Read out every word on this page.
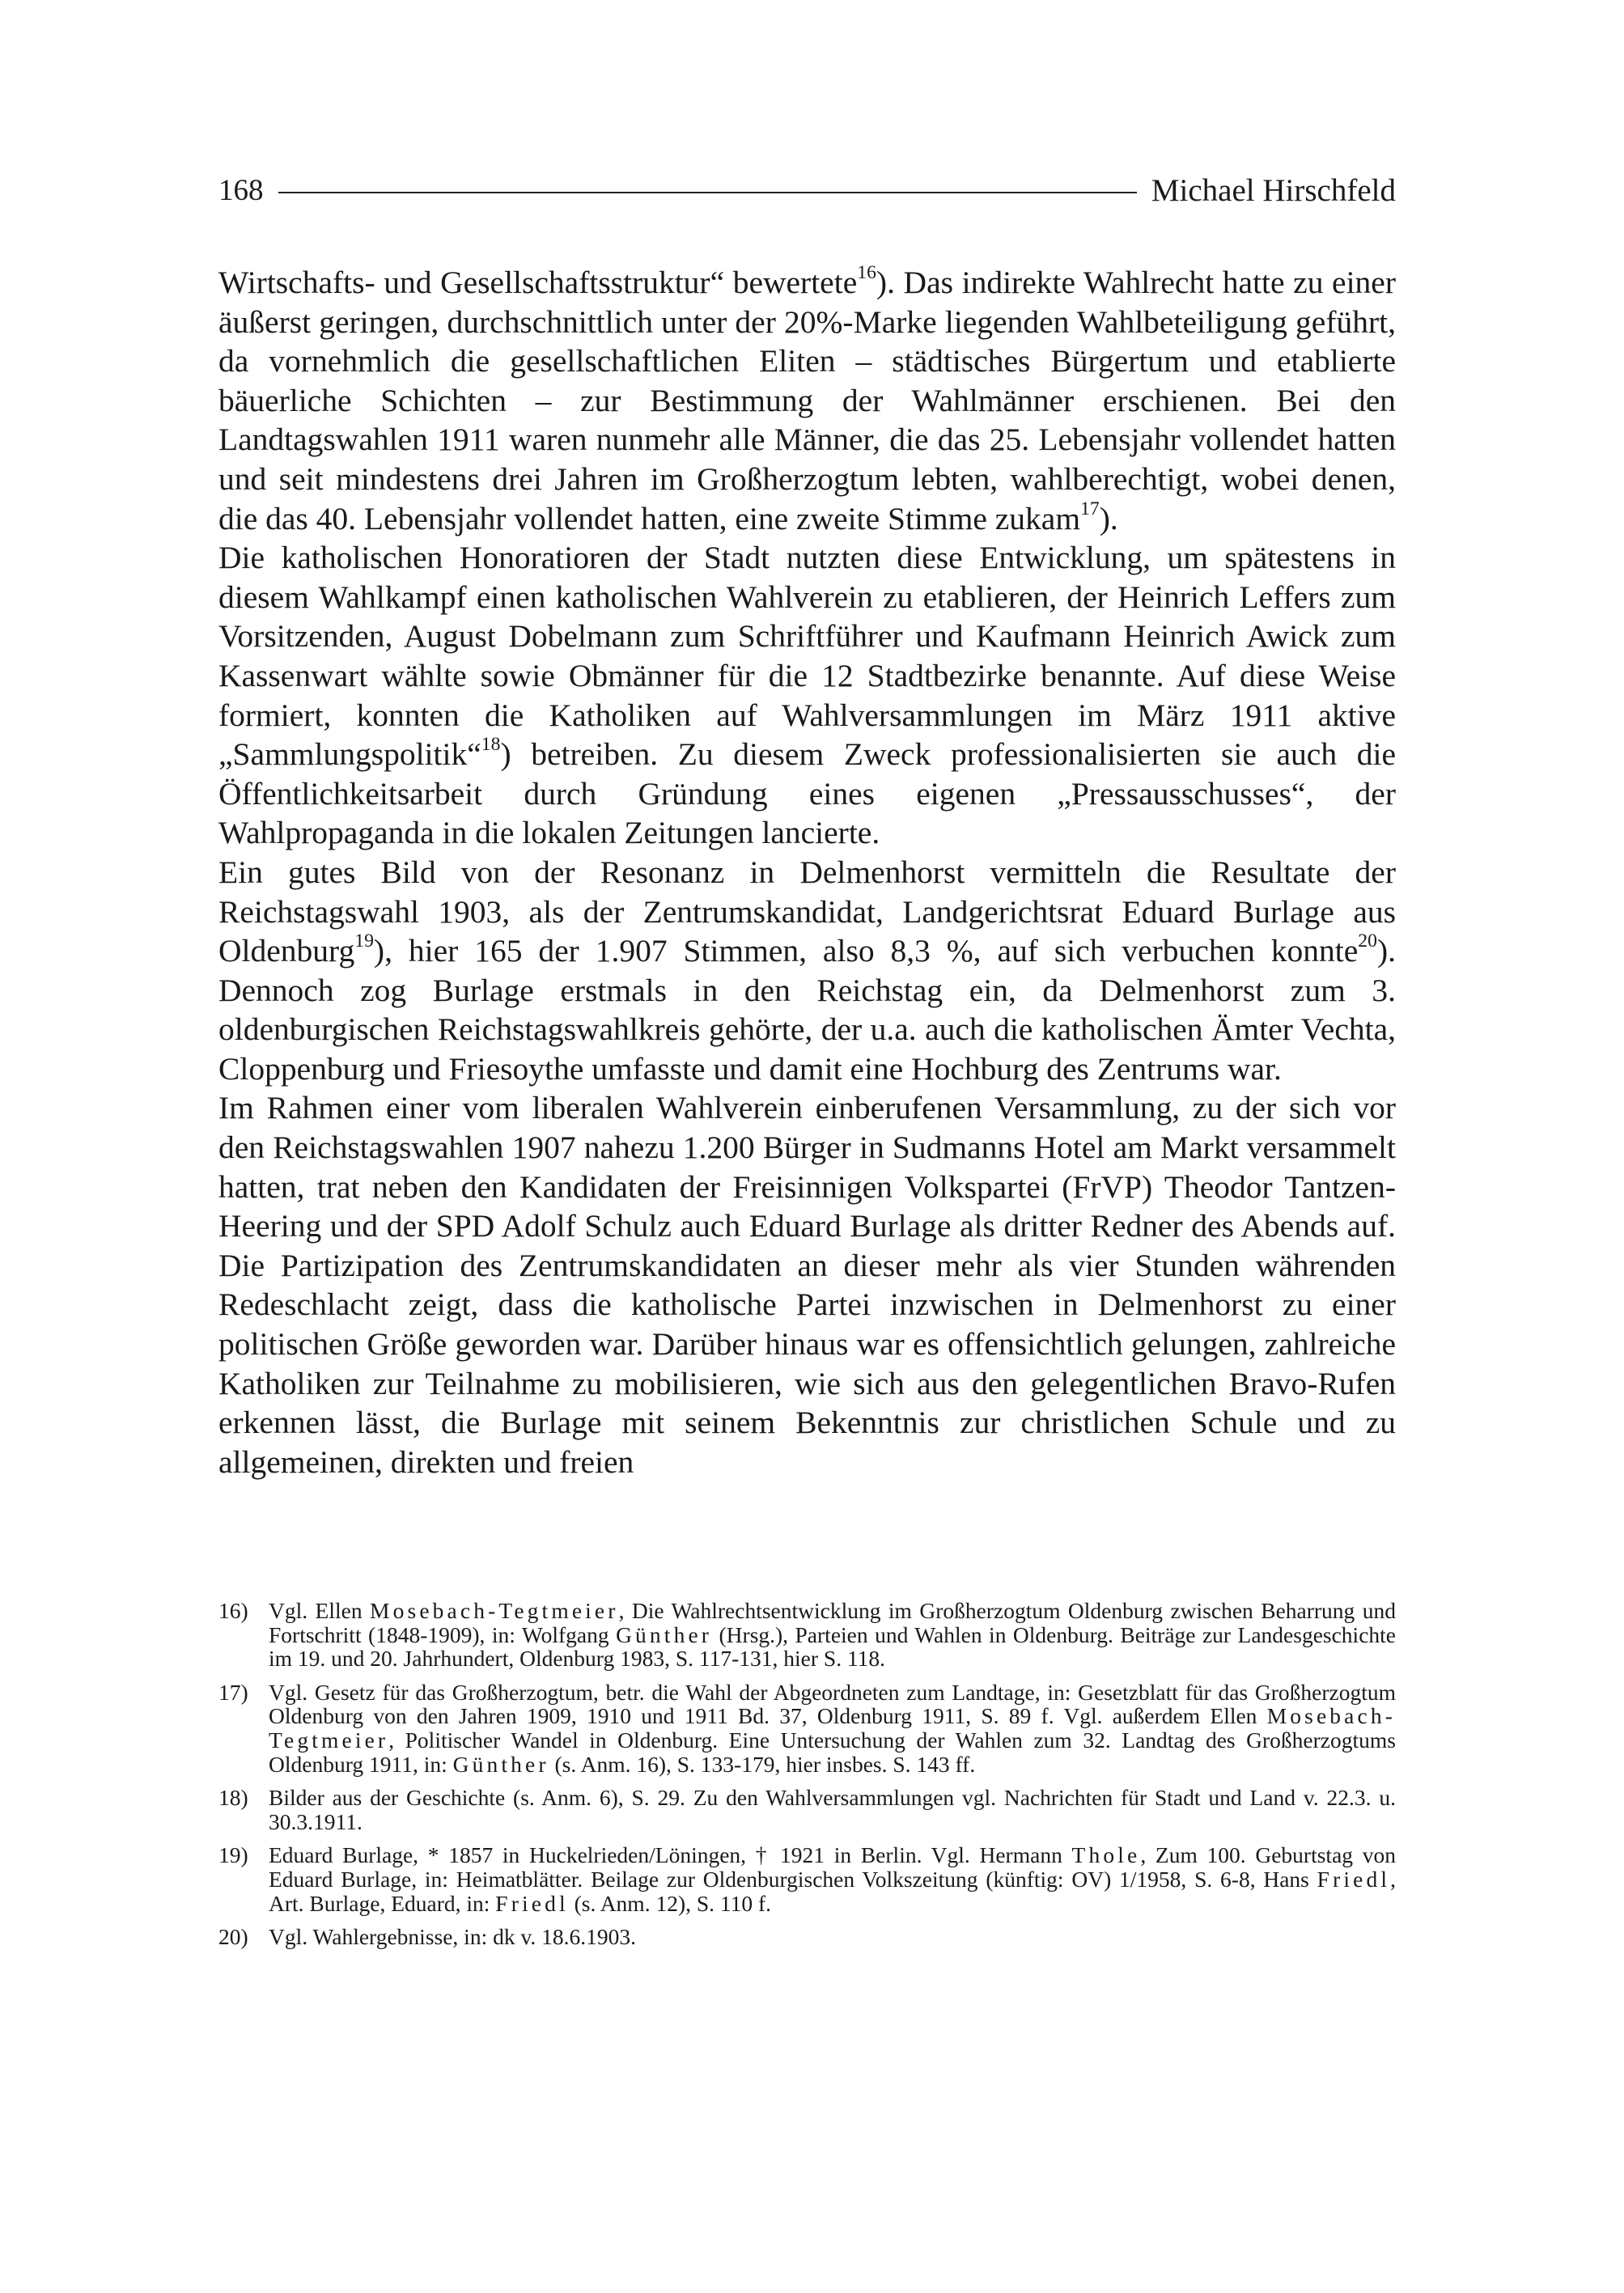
168	Michael Hirschfeld

Wirtschafts- und Gesellschaftsstruktur“ bewertete$^{16}$). Das indirekte Wahlrecht hatte zu einer äußerst geringen, durchschnittlich unter der 20%-Marke liegenden Wahlbeteiligung geführt, da vornehmlich die gesellschaftlichen Eliten – städtisches Bürgertum und etablierte bäuerliche Schichten – zur Bestimmung der Wahlmänner erschienen. Bei den Landtagswahlen 1911 waren nunmehr alle Männer, die das 25. Lebensjahr vollendet hatten und seit mindestens drei Jahren im Großherzogtum lebten, wahlberechtigt, wobei denen, die das 40. Lebensjahr vollendet hatten, eine zweite Stimme zukam$^{17}$).

Die katholischen Honoratioren der Stadt nutzten diese Entwicklung, um spätestens in diesem Wahlkampf einen katholischen Wahlverein zu etablieren, der Heinrich Leffers zum Vorsitzenden, August Dobelmann zum Schriftführer und Kaufmann Heinrich Awick zum Kassenwart wählte sowie Obmänner für die 12 Stadtbezirke benannte. Auf diese Weise formiert, konnten die Katholiken auf Wahlversammlungen im März 1911 aktive „Sammlungspolitik“$^{18}$) betreiben. Zu diesem Zweck professionalisierten sie auch die Öffentlichkeitsarbeit durch Gründung eines eigenen „Pressausschusses“, der Wahlpropaganda in die lokalen Zeitungen lancierte.

Ein gutes Bild von der Resonanz in Delmenhorst vermitteln die Resultate der Reichstagswahl 1903, als der Zentrumskandidat, Landgerichtsrat Eduard Burlage aus Oldenburg$^{19}$), hier 165 der 1.907 Stimmen, also 8,3 %, auf sich verbuchen konnte$^{20}$). Dennoch zog Burlage erstmals in den Reichstag ein, da Delmenhorst zum 3. oldenburgischen Reichstagswahlkreis gehörte, der u.a. auch die katholischen Ämter Vechta, Cloppenburg und Friesoythe umfasste und damit eine Hochburg des Zentrums war.

Im Rahmen einer vom liberalen Wahlverein einberufenen Versammlung, zu der sich vor den Reichstagswahlen 1907 nahezu 1.200 Bürger in Sudmanns Hotel am Markt versammelt hatten, trat neben den Kandidaten der Freisinnigen Volkspartei (FrVP) Theodor Tantzen-Heering und der SPD Adolf Schulz auch Eduard Burlage als dritter Redner des Abends auf. Die Partizipation des Zentrumskandidaten an dieser mehr als vier Stunden währenden Redeschlacht zeigt, dass die katholische Partei inzwischen in Delmenhorst zu einer politischen Größe geworden war. Darüber hinaus war es offensichtlich gelungen, zahlreiche Katholiken zur Teilnahme zu mobilisieren, wie sich aus den gelegentlichen Bravo-Rufen erkennen lässt, die Burlage mit seinem Bekenntnis zur christlichen Schule und zu allgemeinen, direkten und freien

16) Vgl. Ellen Mosebach-Tegtmeier, Die Wahlrechtsentwicklung im Großherzogtum Oldenburg zwischen Beharrung und Fortschritt (1848-1909), in: Wolfgang Günther (Hrsg.), Parteien und Wahlen in Oldenburg. Beiträge zur Landesgeschichte im 19. und 20. Jahrhundert, Oldenburg 1983, S. 117-131, hier S. 118.
17) Vgl. Gesetz für das Großherzogtum, betr. die Wahl der Abgeordneten zum Landtage, in: Gesetzblatt für das Großherzogtum Oldenburg von den Jahren 1909, 1910 und 1911 Bd. 37, Oldenburg 1911, S. 89 f. Vgl. außerdem Ellen Mosebach-Tegtmeier, Politischer Wandel in Oldenburg. Eine Untersuchung der Wahlen zum 32. Landtag des Großherzogtums Oldenburg 1911, in: Günther (s. Anm. 16), S. 133-179, hier insbes. S. 143 ff.
18) Bilder aus der Geschichte (s. Anm. 6), S. 29. Zu den Wahlversammlungen vgl. Nachrichten für Stadt und Land v. 22.3. u. 30.3.1911.
19) Eduard Burlage, * 1857 in Huckelrieden/Löningen, † 1921 in Berlin. Vgl. Hermann Thole, Zum 100. Geburtstag von Eduard Burlage, in: Heimatblätter. Beilage zur Oldenburgischen Volkszeitung (künftig: OV) 1/1958, S. 6-8, Hans Friedl, Art. Burlage, Eduard, in: Friedl (s. Anm. 12), S. 110 f.
20) Vgl. Wahlergebnisse, in: dk v. 18.6.1903.
